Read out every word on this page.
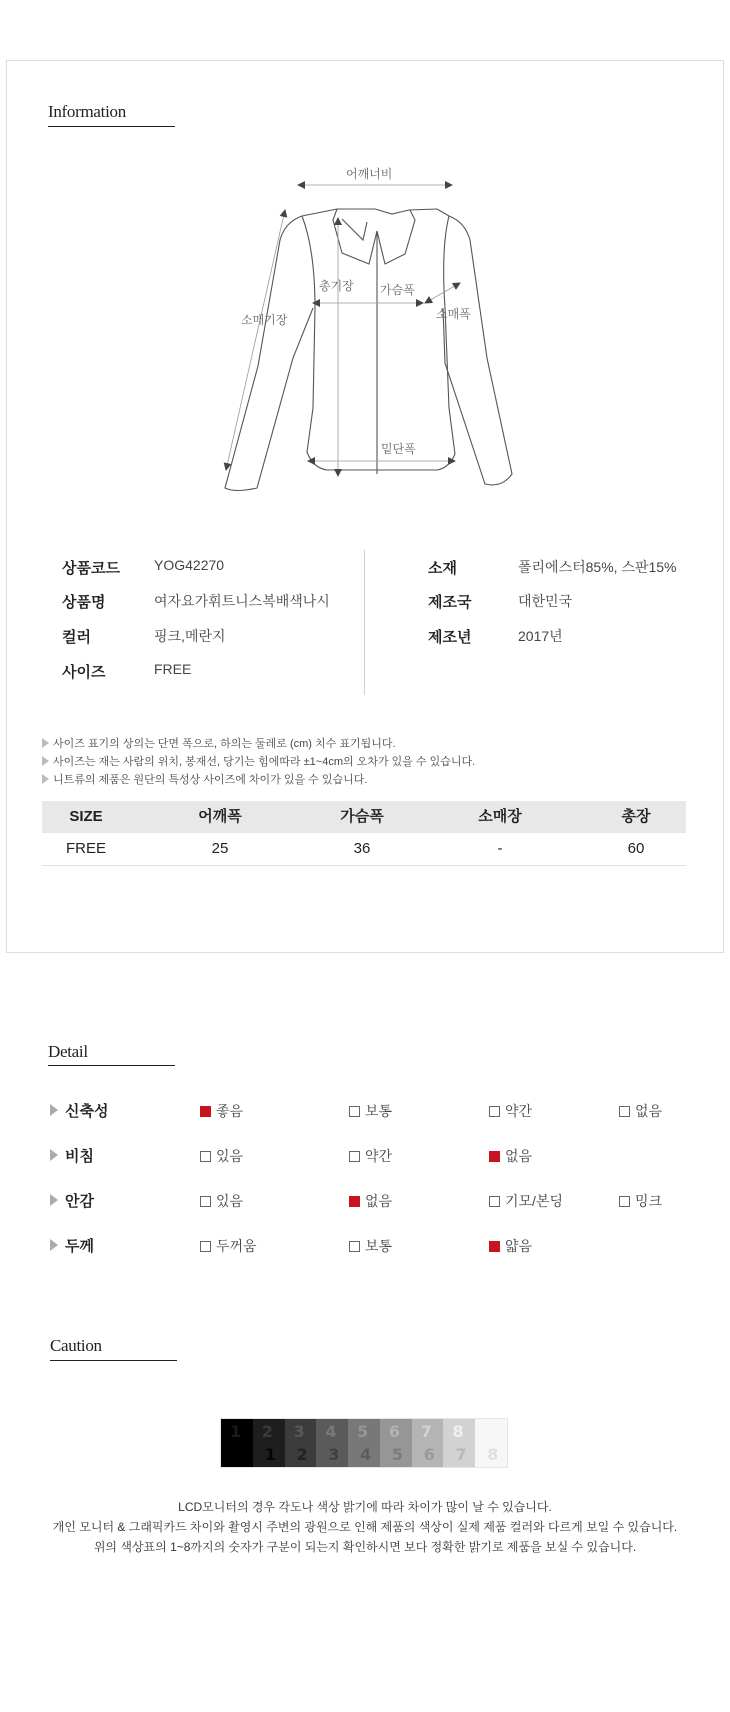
Information
어깨너비
총기장 가슴폭
소매기장	소매폭
밑단폭
상품코드 YOG42270
상품명	여자요가휘트니스복배색나시
컬러	핑크,메란지
사이즈	FREE
소재	폴리에스터85%, 스판15%
제조국	대한민국
제조년	2017년
사이즈 표기의 상의는 단면 폭으로, 하의는 둘레로 (cm) 치수 표기됩니다.
사이즈는 재는 사람의 위치, 봉재선, 당기는 힘에따라 ±1~4cm의 오차가 있을 수 있습니다.
니트류의 제품은 원단의 특성상 사이즈에 차이가 있을 수 있습니다.
SIZE	어깨폭	가슴폭	소매장	총장
FREE	25	36	-	60
Detail
신축성	좋음	보통	약간	없음
비침	있음	약간	없음
안감	있음	없음	기모/본딩	밍크
두께	두꺼움	보통	얇음
Caution
1 2
1
3
2
4
3
5
4
6
5
7
6
8
7 8
LCD모니터의 경우 각도나 색상 밝기에 따라 차이가 많이 날 수 있습니다.
개인 모니터 & 그래픽카드 차이와 촬영시 주변의 광원으로 인해 제품의 색상이 실제 제품 컬러와 다르게 보일 수 있습니다.
위의 색상표의 1~8까지의 숫자가 구분이 되는지 확인하시면 보다 정확한 밝기로 제품을 보실 수 있습니다.
